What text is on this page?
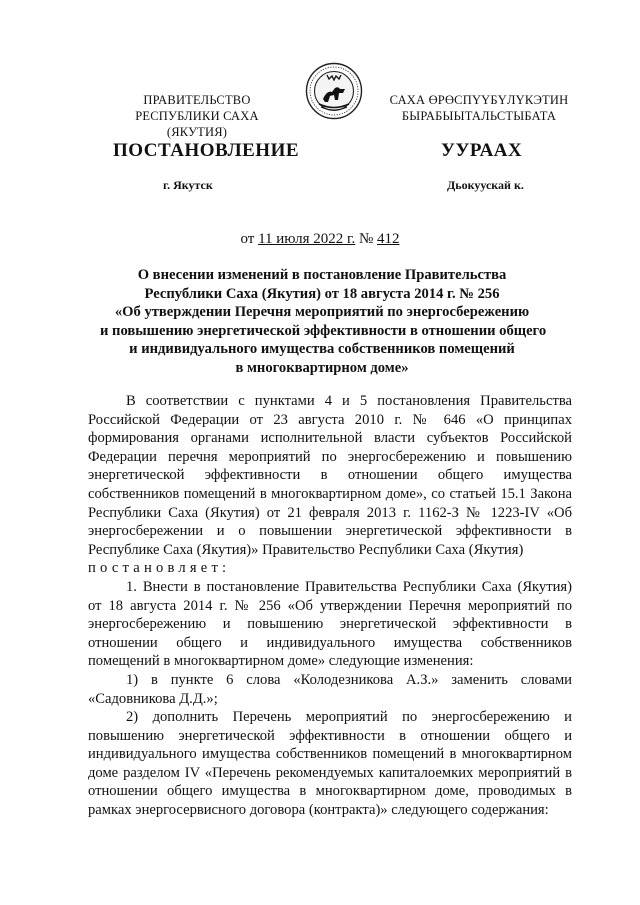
ПРАВИТЕЛЬСТВО
РЕСПУБЛИКИ САХА (ЯКУТИЯ)
САХА ӨРӨСПҮҮБҮЛҮКЭТИН
БЫРАБЫЫТАЛЬСТЫБАТА
ПОСТАНОВЛЕНИЕ	УУРААХ
г. Якутск	Дьокуускай к.
от 11 июля 2022 г. № 412
О внесении изменений в постановление Правительства
Республики Саха (Якутия) от 18 августа 2014 г. № 256
«Об утверждении Перечня мероприятий по энергосбережению
и повышению энергетической эффективности в отношении общего
и индивидуального имущества собственников помещений
в многоквартирном доме»

В соответствии с пунктами 4 и 5 постановления Правительства Российской Федерации от 23 августа 2010 г. № 646 «О принципах формирования органами исполнительной власти субъектов Российской Федерации перечня мероприятий по энергосбережению и повышению энергетической эффективности в отношении общего имущества собственников помещений в многоквартирном доме», со статьей 15.1 Закона Республики Саха (Якутия) от 21 февраля 2013 г. 1162-З № 1223-IV «Об энергосбережении и о повышении энергетической эффективности в Республике Саха (Якутия)» Правительство Республики Саха (Якутия)

постановляет:

1. Внести в постановление Правительства Республики Саха (Якутия) от 18 августа 2014 г. № 256 «Об утверждении Перечня мероприятий по энергосбережению и повышению энергетической эффективности в отношении общего и индивидуального имущества собственников помещений в многоквартирном доме» следующие изменения:

1) в пункте 6 слова «Колодезникова А.З.» заменить словами «Садовникова Д.Д.»;

2) дополнить Перечень мероприятий по энергосбережению и повышению энергетической эффективности в отношении общего и индивидуального имущества собственников помещений в многоквартирном доме разделом IV «Перечень рекомендуемых капиталоемких мероприятий в отношении общего имущества в многоквартирном доме, проводимых в рамках энергосервисного договора (контракта)» следующего содержания:
